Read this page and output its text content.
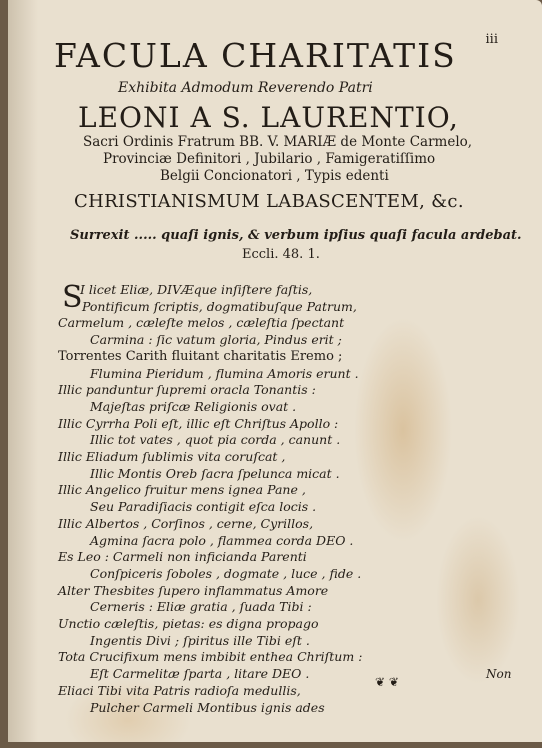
iii
FACULA CHARITATIS
Exhibita Admodum Reverendo Patri
LEONI A S. LAURENTIO,
Sacri Ordinis Fratrum BB. V. MARIÆ de Monte Carmelo,
Provinciæ Definitori , Jubilario , Famigeratiſſimo
Belgii Concionatori , Typis edenti
CHRISTIANISMUM LABASCENTEM, &c.
Surrexit ..... quaſi ignis, & verbum ipſius quaſi facula ardebat.
Eccli. 48. 1.
S
I licet Eliæ, DIVÆque inſiſtere faſtis,
Pontificum ſcriptis, dogmatibuſque Patrum,
Carmelum , cæleſte melos , cæleſtia ſpectant
Carmina : ſic vatum gloria, Pindus erit ;
Torrentes Carith fluitant charitatis Eremo ;
Flumina Pieridum , flumina Amoris erunt .
Illic panduntur ſupremi oracla Tonantis :
Majeſtas priſcæ Religionis ovat .
Illic Cyrrha Poli eſt, illic eſt Chriſtus Apollo :
Illic tot vates , quot pia corda , canunt .
Illic Eliadum ſublimis vita coruſcat ,
Illic Montis Oreb ſacra ſpelunca micat .
Illic Angelico fruitur mens ignea Pane ,
Seu Paradiſiacis contigit eſca locis .
Illic Albertos , Corſinos , cerne, Cyrillos,
Agmina ſacra polo , flammea corda DEO .
Es Leo : Carmeli non inficianda Parenti
Conſpiceris ſoboles , dogmate , luce , fide .
Alter Thesbites ſupero inflammatus Amore
Cerneris : Eliæ gratia , ſuada Tibi :
Unctio cæleſtis, pietas: es digna propago
Ingentis Divi ; ſpiritus ille Tibi eſt .
Tota Crucifixum mens imbibit enthea Chriſtum :
Eſt Carmelitæ ſparta , litare DEO .
Eliaci Tibi vita Patris radioſa medullis,
Pulcher Carmeli Montibus ignis ades
❦ ❦
Non
